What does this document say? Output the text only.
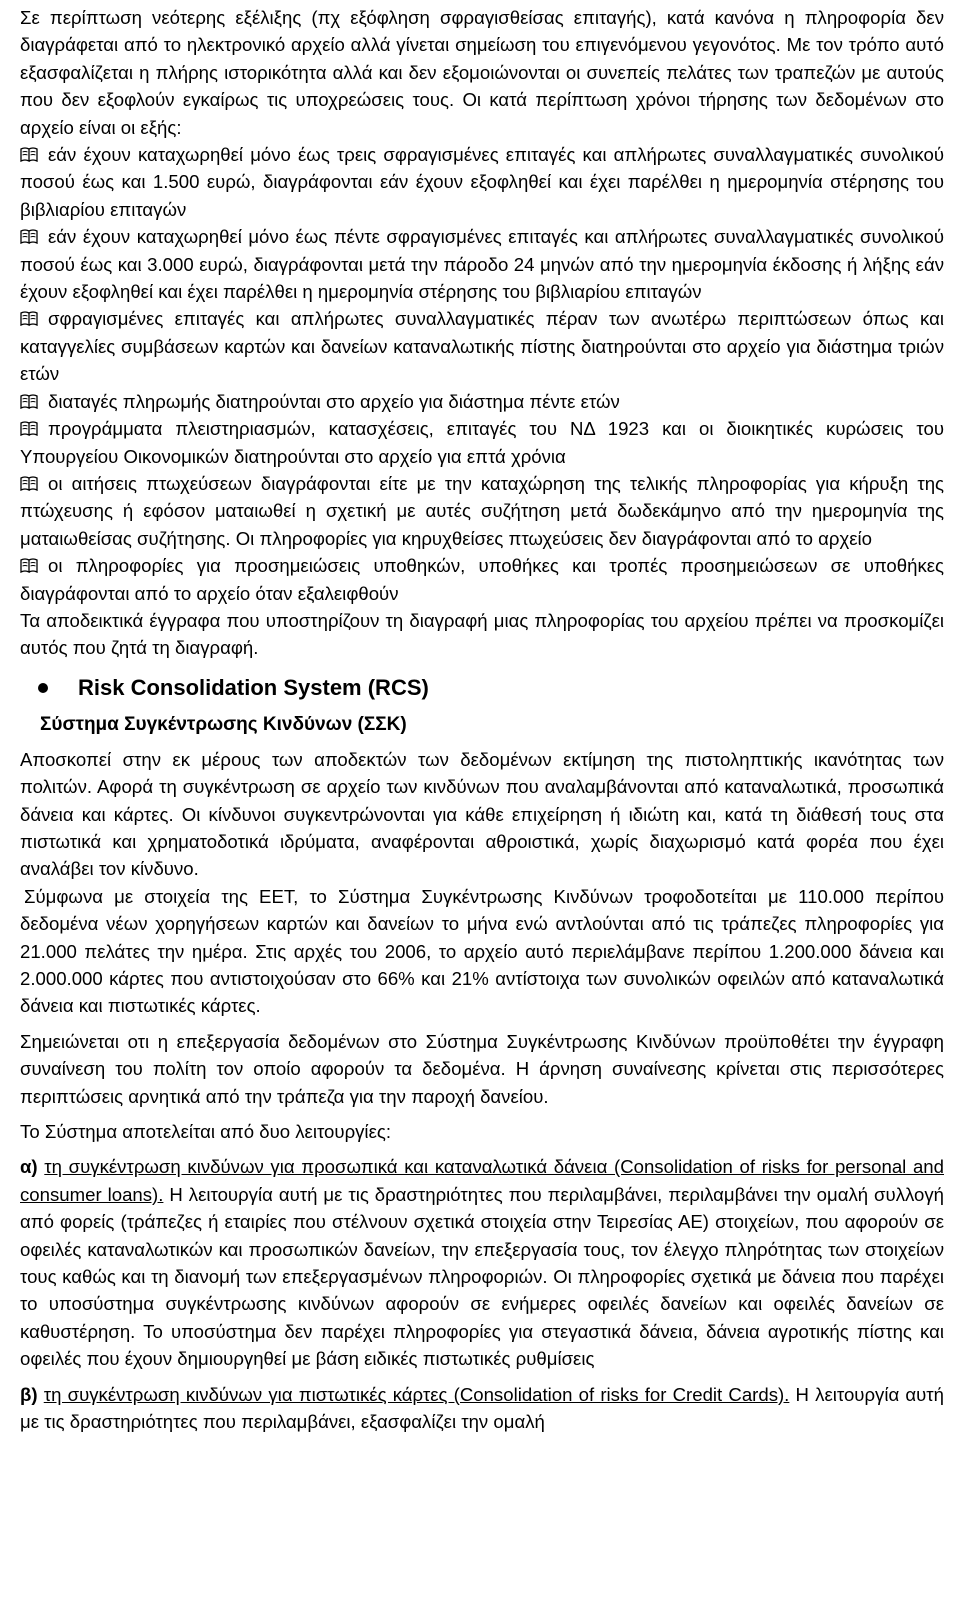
Σε περίπτωση νεότερης εξέλιξης (πχ εξόφληση σφραγισθείσας επιταγής), κατά κανόνα η πληροφορία δεν διαγράφεται από το ηλεκτρονικό αρχείο αλλά γίνεται σημείωση του επιγενόμενου γεγονότος. Με τον τρόπο αυτό εξασφαλίζεται η πλήρης ιστορικότητα αλλά και δεν εξομοιώνονται οι συνεπείς πελάτες των τραπεζών με αυτούς που δεν εξοφλούν εγκαίρως τις υποχρεώσεις τους. Οι κατά περίπτωση χρόνοι τήρησης των δεδομένων στο αρχείο είναι οι εξής:

εάν έχουν καταχωρηθεί μόνο έως τρεις σφραγισμένες επιταγές και απλήρωτες συναλλαγματικές συνολικού ποσού έως και 1.500 ευρώ, διαγράφονται εάν έχουν εξοφληθεί και έχει παρέλθει η ημερομηνία στέρησης του βιβλιαρίου επιταγών

εάν έχουν καταχωρηθεί μόνο έως πέντε σφραγισμένες επιταγές και απλήρωτες συναλλαγματικές συνολικού ποσού έως και 3.000 ευρώ, διαγράφονται μετά την πάροδο 24 μηνών από την ημερομηνία έκδοσης ή λήξης εάν έχουν εξοφληθεί και έχει παρέλθει η ημερομηνία στέρησης του βιβλιαρίου επιταγών

σφραγισμένες επιταγές και απλήρωτες συναλλαγματικές πέραν των ανωτέρω περιπτώσεων όπως και καταγγελίες συμβάσεων καρτών και δανείων καταναλωτικής πίστης διατηρούνται στο αρχείο για διάστημα τριών ετών

διαταγές πληρωμής διατηρούνται στο αρχείο για διάστημα πέντε ετών

προγράμματα πλειστηριασμών, κατασχέσεις, επιταγές του ΝΔ 1923 και οι διοικητικές κυρώσεις του Υπουργείου Οικονομικών διατηρούνται στο αρχείο για επτά χρόνια

οι αιτήσεις πτωχεύσεων διαγράφονται είτε με την καταχώρηση της τελικής πληροφορίας για κήρυξη της πτώχευσης ή εφόσον ματαιωθεί η σχετική με αυτές συζήτηση μετά δωδεκάμηνο από την ημερομηνία της ματαιωθείσας συζήτησης. Οι πληροφορίες για κηρυχθείσες πτωχεύσεις δεν διαγράφονται από το αρχείο

οι πληροφορίες για προσημειώσεις υποθηκών, υποθήκες και τροπές προσημειώσεων σε υποθήκες διαγράφονται από το αρχείο όταν εξαλειφθούν

Τα αποδεικτικά έγγραφα που υποστηρίζουν τη διαγραφή μιας πληροφορίας του αρχείου πρέπει να προσκομίζει αυτός που ζητά τη διαγραφή.

Risk Consolidation System (RCS)
Σύστημα Συγκέντρωσης Κινδύνων (ΣΣΚ)

Αποσκοπεί στην εκ μέρους των αποδεκτών των δεδομένων εκτίμηση της πιστοληπτικής ικανότητας των πολιτών. Αφορά τη συγκέντρωση σε αρχείο των κινδύνων που αναλαμβάνονται από καταναλωτικά, προσωπικά δάνεια και κάρτες. Οι κίνδυνοι συγκεντρώνονται για κάθε επιχείρηση ή ιδιώτη και, κατά τη διάθεσή τους στα πιστωτικά και χρηματοδοτικά ιδρύματα, αναφέρονται αθροιστικά, χωρίς διαχωρισμό κατά φορέα που έχει αναλάβει τον κίνδυνο.

Σύμφωνα με στοιχεία της ΕΕΤ, το Σύστημα Συγκέντρωσης Κινδύνων τροφοδοτείται με 110.000 περίπου δεδομένα νέων χορηγήσεων καρτών και δανείων το μήνα ενώ αντλούνται από τις τράπεζες πληροφορίες για 21.000 πελάτες την ημέρα. Στις αρχές του 2006, το αρχείο αυτό περιελάμβανε περίπου 1.200.000 δάνεια και 2.000.000 κάρτες που αντιστοιχούσαν στο 66% και 21% αντίστοιχα των συνολικών οφειλών από καταναλωτικά δάνεια και πιστωτικές κάρτες.

Σημειώνεται οτι η επεξεργασία δεδομένων στο Σύστημα Συγκέντρωσης Κινδύνων προϋποθέτει την έγγραφη συναίνεση του πολίτη τον οποίο αφορούν τα δεδομένα. Η άρνηση συναίνεσης κρίνεται στις περισσότερες περιπτώσεις αρνητικά από την τράπεζα για την παροχή δανείου.

Το Σύστημα αποτελείται από δυο λειτουργίες:

α) τη συγκέντρωση κινδύνων για προσωπικά και καταναλωτικά δάνεια (Consolidation of risks for personal and consumer loans). Η λειτουργία αυτή με τις δραστηριότητες που περιλαμβάνει, περιλαμβάνει την ομαλή συλλογή από φορείς (τράπεζες ή εταιρίες που στέλνουν σχετικά στοιχεία στην Τειρεσίας ΑΕ) στοιχείων, που αφορούν σε οφειλές καταναλωτικών και προσωπικών δανείων, την επεξεργασία τους, τον έλεγχο πληρότητας των στοιχείων τους καθώς και τη διανομή των επεξεργασμένων πληροφοριών. Οι πληροφορίες σχετικά με δάνεια που παρέχει το υποσύστημα συγκέντρωσης κινδύνων αφορούν σε ενήμερες οφειλές δανείων και οφειλές δανείων σε καθυστέρηση. Το υποσύστημα δεν παρέχει πληροφορίες για στεγαστικά δάνεια, δάνεια αγροτικής πίστης και οφειλές που έχουν δημιουργηθεί με βάση ειδικές πιστωτικές ρυθμίσεις

β) τη συγκέντρωση κινδύνων για πιστωτικές κάρτες (Consolidation of risks for Credit Cards). Η λειτουργία αυτή με τις δραστηριότητες που περιλαμβάνει, εξασφαλίζει την ομαλή
